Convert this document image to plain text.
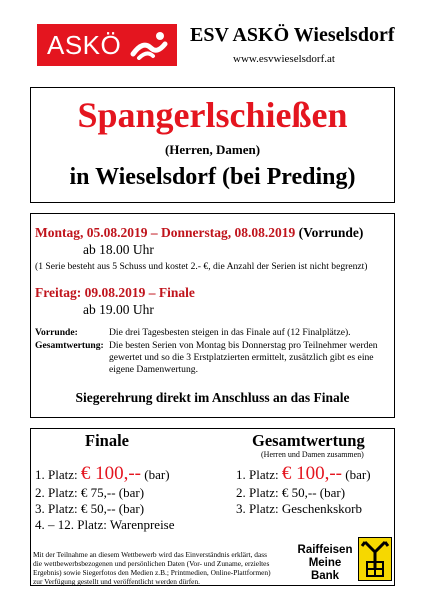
ASKÖ	ESV ASKÖ Wieselsdorf
www.esvwieselsdorf.at
Spangerlschießen
(Herren, Damen)
in Wieselsdorf (bei Preding)
Montag, 05.08.2019 – Donnerstag, 08.08.2019 (Vorrunde)
ab 18.00 Uhr
(1 Serie besteht aus 5 Schuss und kostet 2.- €, die Anzahl der Serien ist nicht begrenzt)
Freitag: 09.08.2019 – Finale
ab 19.00 Uhr
Vorrunde:	Die drei Tagesbesten steigen in das Finale auf (12 Finalplätze).
Gesamtwertung: Die besten Serien von Montag bis Donnerstag pro Teilnehmer werden gewertet und so die 3 Erstplatzierten ermittelt, zusätzlich gibt es eine eigene Damenwertung.
Siegerehrung direkt im Anschluss an das Finale
Finale	Gesamtwertung
(Herren und Damen zusammen)
1. Platz: € 100,-- (bar)
2. Platz: € 75,-- (bar)
3. Platz: € 50,-- (bar)
4. – 12. Platz: Warenpreise
1. Platz: € 100,-- (bar)
2. Platz: € 50,-- (bar)
3. Platz: Geschenkskorb
Mit der Teilnahme an diesem Wettbewerb wird das Einverständnis erklärt, dass die wettbewerbsbezogenen und persönlichen Daten (Vor- und Zuname, erzieltes Ergebnis) sowie Siegerfotos den Medien z.B.; Printmedien, Online-Plattformen) zur Verfügung gestellt und veröffentlicht werden dürfen.
Raiffeisen
Meine Bank
